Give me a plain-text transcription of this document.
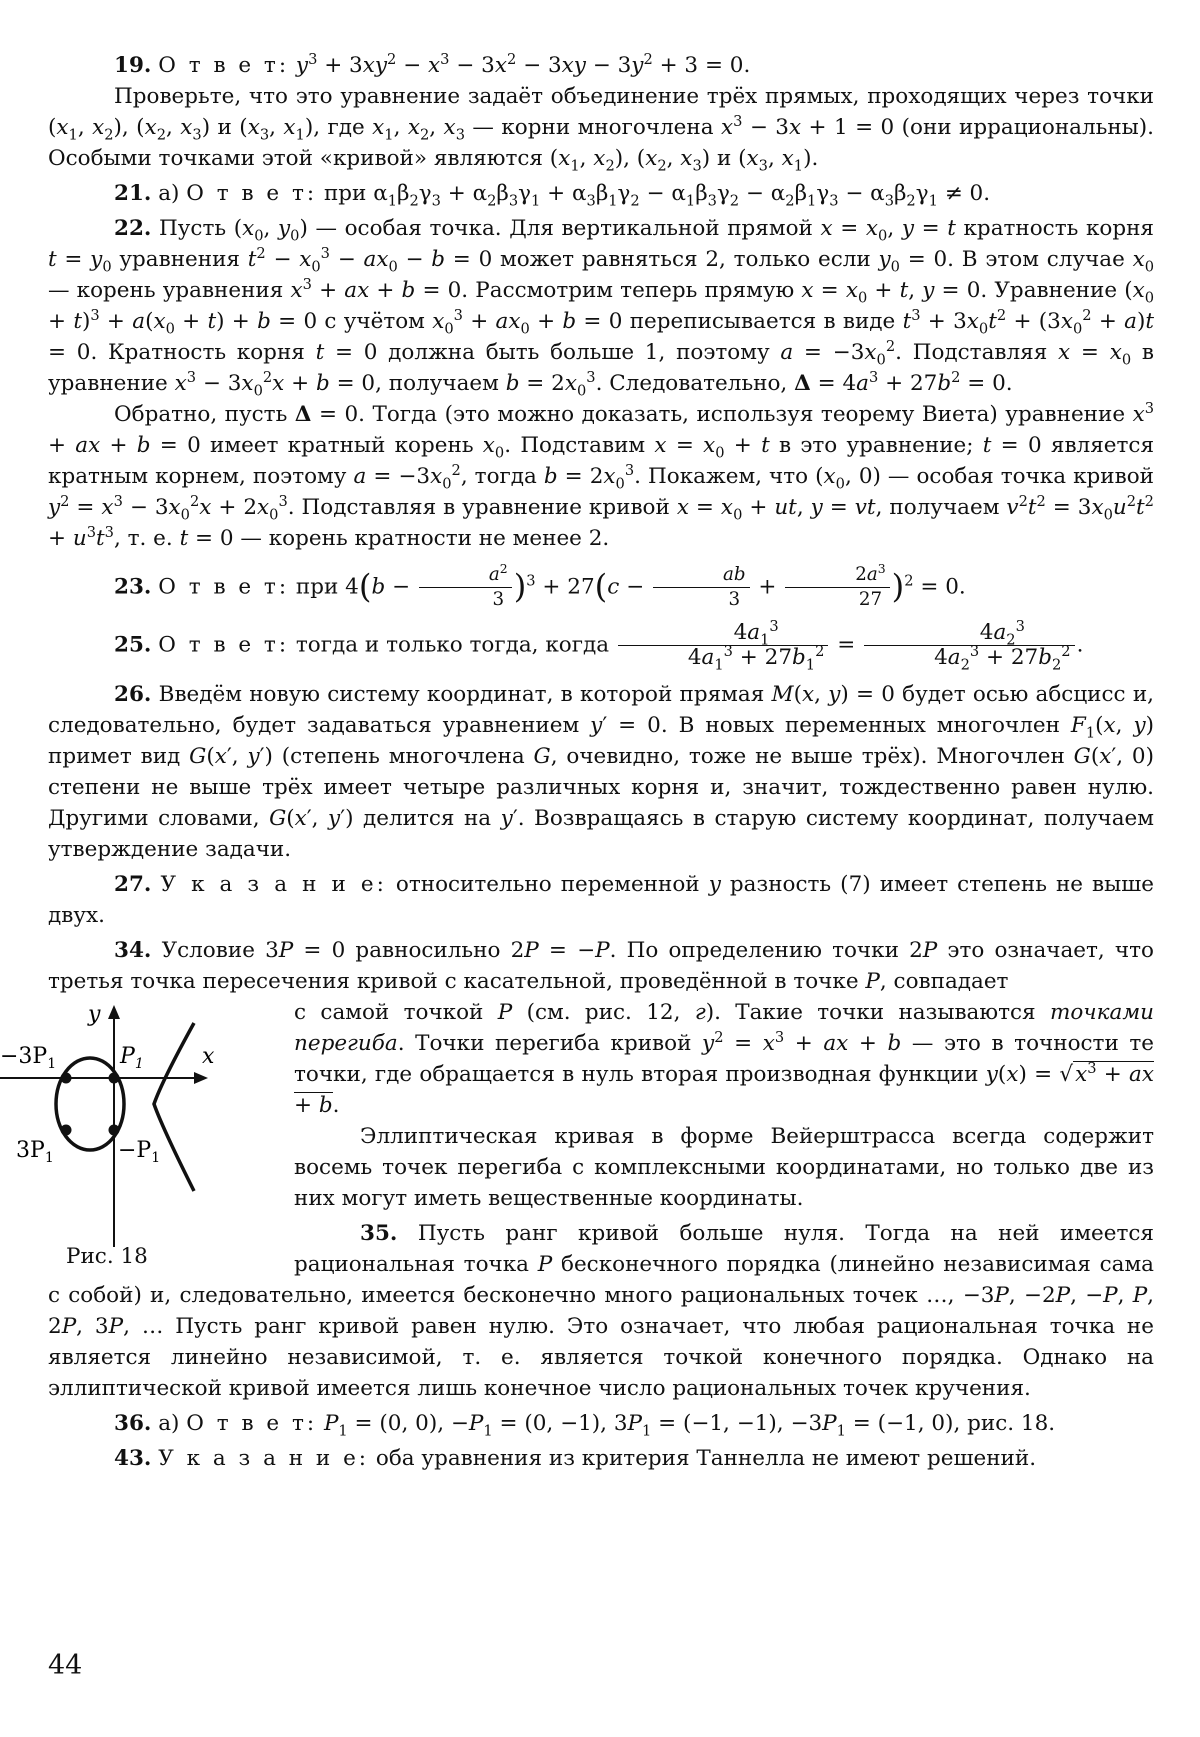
19. О т в е т: $y^3 + 3xy^2 - x^3 - 3x^2 - 3xy - 3y^2 + 3 = 0$.

Проверьте, что это уравнение задаёт объединение трёх прямых, проходящих через точки ($x_1$, $x_2$), ($x_2$, $x_3$) и ($x_3$, $x_1$), где $x_1$, $x_2$, $x_3$ — корни многочлена $x^3 - 3x + 1 = 0$ (они иррациональны). Особыми точками этой «кривой» являются ($x_1$, $x_2$), ($x_2$, $x_3$) и ($x_3$, $x_1$).

21. а) О т в е т: при $\alpha_1\beta_2\gamma_3 + \alpha_2\beta_3\gamma_1 + \alpha_3\beta_1\gamma_2 - \alpha_1\beta_3\gamma_2 - \alpha_2\beta_1\gamma_3 - \alpha_3\beta_2\gamma_1 \ne 0$.

22. Пусть ($x_0$, $y_0$) — особая точка. Для вертикальной прямой $x = x_0$, y = t кратность корня $t = y_0$ уравнения $t^2 - x_0^3 - ax_0 - b = 0$ может равняться 2, только если $y_0 = 0$. В этом случае $x_0$ — корень уравнения $x^3$ + ax + b = 0. Рассмотрим теперь прямую $x = x_0 + t$, y = 0. Уравнение $(x_0 + t)^3 + a(x_0 + t) + b = 0$ с учётом $x_0^3 + ax_0 + b = 0$ переписывается в виде $t^3 + 3x_0t^2 + (3x_0^2 + a)t = 0$. Кратность корня t = 0 должна быть больше 1, поэтому $a = -3x_0^2$. Подставляя $x = x_0$ в уравнение $x^3 - 3x_0^2x + b = 0$, получаем $b = 2x_0^3$. Следовательно, $\Delta = 4a^3 + 27b^2 = 0$.

Обратно, пусть Δ = 0. Тогда (это можно доказать, используя теорему Виета) уравнение $x^3$ + ax + b = 0 имеет кратный корень $x_0$. Подставим $x = x_0 + t$ в это уравнение; t = 0 является кратным корнем, поэтому $a = -3x_0^2$, тогда $b = 2x_0^3$. Покажем, что ($x_0$, 0) — особая точка кривой $y^2 = x^3 - 3x_0^2x + 2x_0^3$. Подставляя в уравнение кривой $x = x_0$ + ut, y = vt, получаем $v^2t^2 = 3x_0u^2t^2 + u^3t^3$, т. е. t = 0 — корень кратности не менее 2.

23. О т в е т: при $4(b - \frac{a^2}{3} )^3 + 27(c - \frac{ab}{3} + \frac{2a^3}{27} )^2 = 0$.

25. О т в е т: тогда и только тогда, когда $\frac{4a_1^3}{4a_1^3 + 27b_1^2} = \frac{4a_2^3}{4a_2^3 + 27b_2^2}$ .

26. Введём новую систему координат, в которой прямая M(x, y) = 0 будет осью абсцисс и, следовательно, будет задаваться уравнением y′ = 0. В новых переменных многочлен $F_1(x$, y) примет вид G(x′, y′) (степень многочлена G, очевидно, тоже не выше трёх). Многочлен G(x′, 0) степени не выше трёх имеет четыре различных корня и, значит, тождественно равен нулю. Другими словами, G(x′, y′) делится на y′. Возвращаясь в старую систему координат, получаем утверждение задачи.

27. У к а з а н и е: относительно переменной y разность (7) имеет степень не выше двух.

34. Условие 3P = 0 равносильно 2P = −P. По определению точки 2P это означает, что третья точка пересечения кривой с касательной, проведённой в точке P, совпадает

y
x
$-3P_1$	$P_1$
$3P_1$	$-P_1$
Рис. 18

с самой точкой P (см. рис. 12, г). Такие точки называются точками перегиба. Точки перегиба кривой $y^2 = x^3$ + ax + b — это в точности те точки, где обращается в нуль вторая производная функции $y(x) = √x^3$ + ax + b.

Эллиптическая кривая в форме Вейерштрасса всегда содержит восемь точек перегиба с комплексными координатами, но только две из них могут иметь вещественные координаты.

35. Пусть ранг кривой больше нуля. Тогда на ней имеется рациональная точка P бесконечного порядка (линейно независимая сама с собой) и, следовательно, имеется бесконечно много рациональных точек …, −3P, −2P, −P, P, 2P, 3P, … Пусть ранг кривой равен нулю. Это означает, что любая рациональная точка не является линейно независимой, т. е. является точкой конечного порядка. Однако на эллиптической кривой имеется лишь конечное число рациональных точек кручения.

36. а) О т в е т: $P_1 = (0$, 0), $-P_1 = (0$, −1), $3P_1 = (-1$, −1), $-3P_1 = (-1$, 0), рис. 18.

43. У к а з а н и е: оба уравнения из критерия Таннелла не имеют решений.

44
